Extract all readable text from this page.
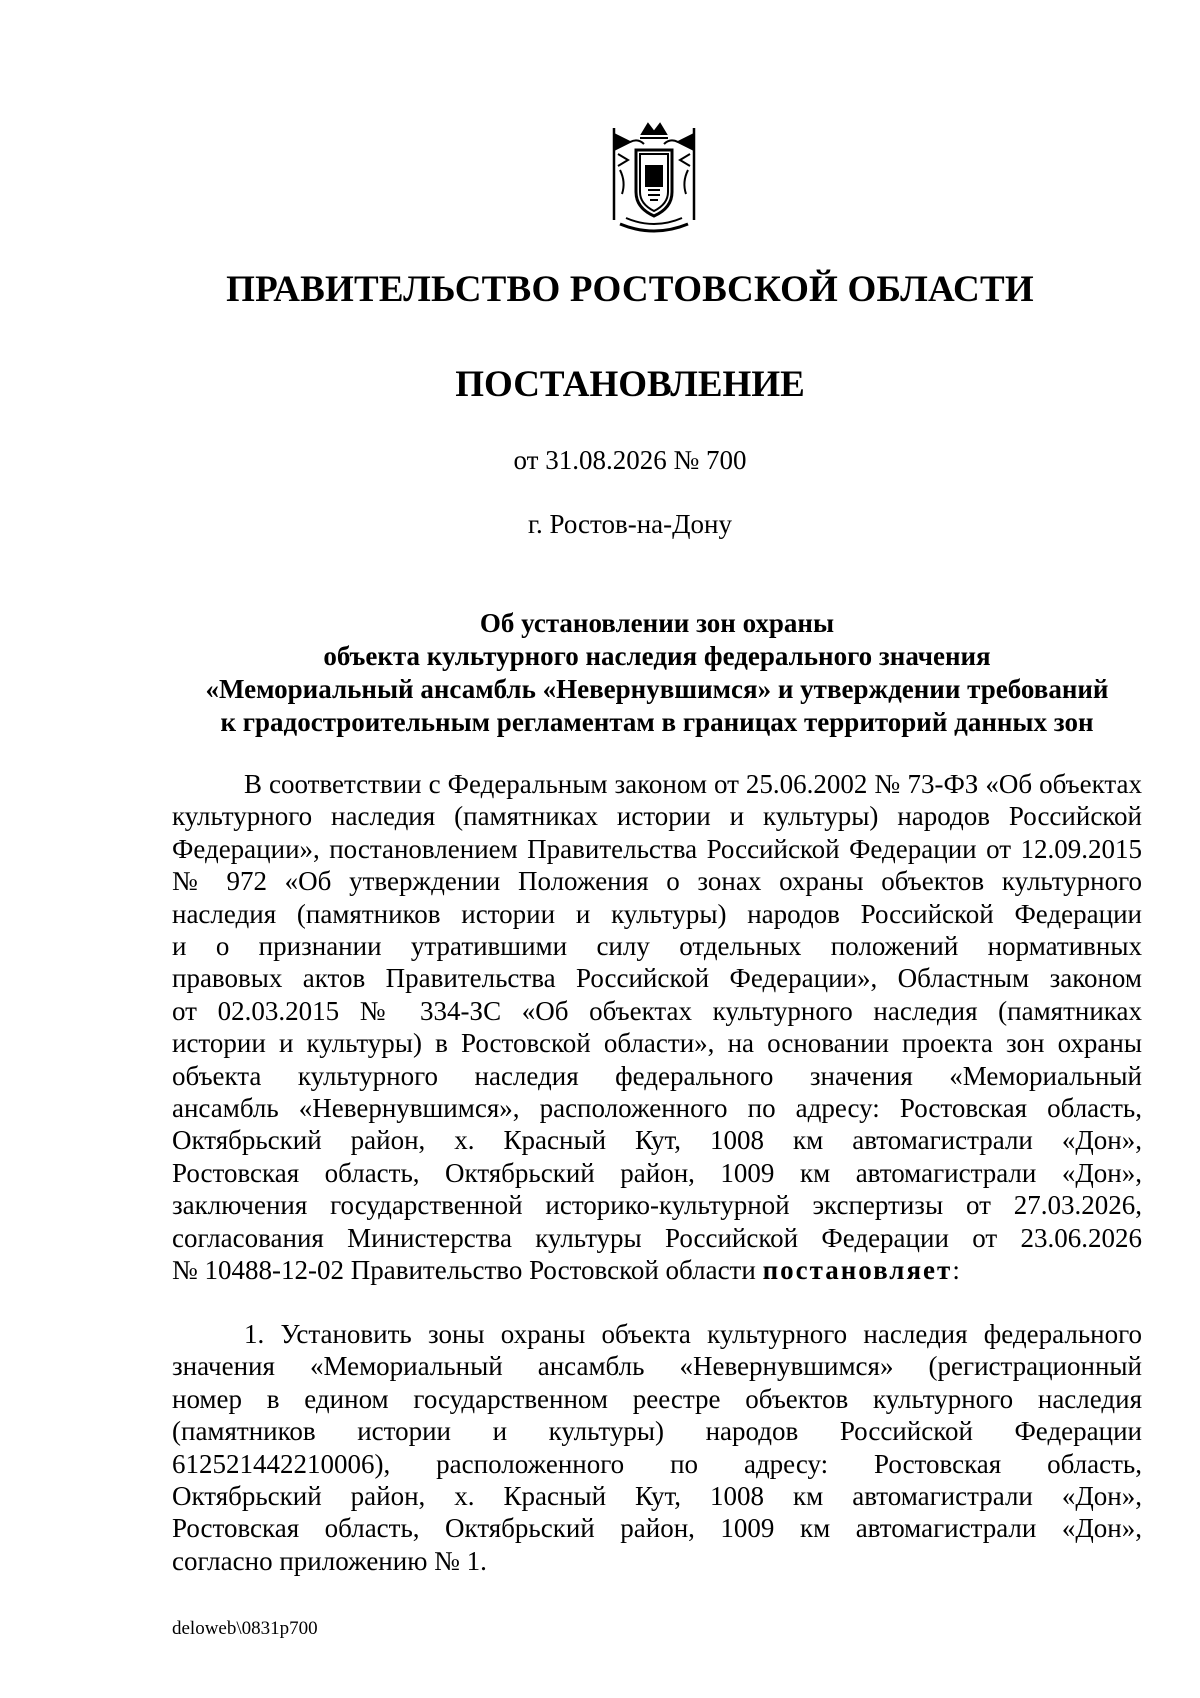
ПРАВИТЕЛЬСТВО РОСТОВСКОЙ ОБЛАСТИ
ПОСТАНОВЛЕНИЕ
от 31.08.2026 № 700
г. Ростов-на-Дону
Об установлении зон охраны
объекта культурного наследия федерального значения
«Мемориальный ансамбль «Невернувшимся» и утверждении требований
к градостроительным регламентам в границах территорий данных зон
В соответствии с Федеральным законом от 25.06.2002 № 73-ФЗ «Об объектах
культурного наследия (памятниках истории и культуры) народов Российской
Федерации», постановлением Правительства Российской Федерации от 12.09.2015
№ 972 «Об утверждении Положения о зонах охраны объектов культурного
наследия (памятников истории и культуры) народов Российской Федерации
и о признании утратившими силу отдельных положений нормативных
правовых актов Правительства Российской Федерации», Областным законом
от 02.03.2015 № 334-ЗС «Об объектах культурного наследия (памятниках
истории и культуры) в Ростовской области», на основании проекта зон охраны
объекта культурного наследия федерального значения «Мемориальный
ансамбль «Невернувшимся», расположенного по адресу: Ростовская область,
Октябрьский район, х. Красный Кут, 1008 км автомагистрали «Дон»,
Ростовская область, Октябрьский район, 1009 км автомагистрали «Дон»,
заключения государственной историко-культурной экспертизы от 27.03.2026,
согласования Министерства культуры Российской Федерации от 23.06.2026
№ 10488-12-02 Правительство Ростовской области постановляет:
1. Установить зоны охраны объекта культурного наследия федерального
значения «Мемориальный ансамбль «Невернувшимся» (регистрационный
номер в едином государственном реестре объектов культурного наследия
(памятников истории и культуры) народов Российской Федерации
612521442210006), расположенного по адресу: Ростовская область,
Октябрьский район, х. Красный Кут, 1008 км автомагистрали «Дон»,
Ростовская область, Октябрьский район, 1009 км автомагистрали «Дон»,
согласно приложению № 1.
deloweb\0831p700
